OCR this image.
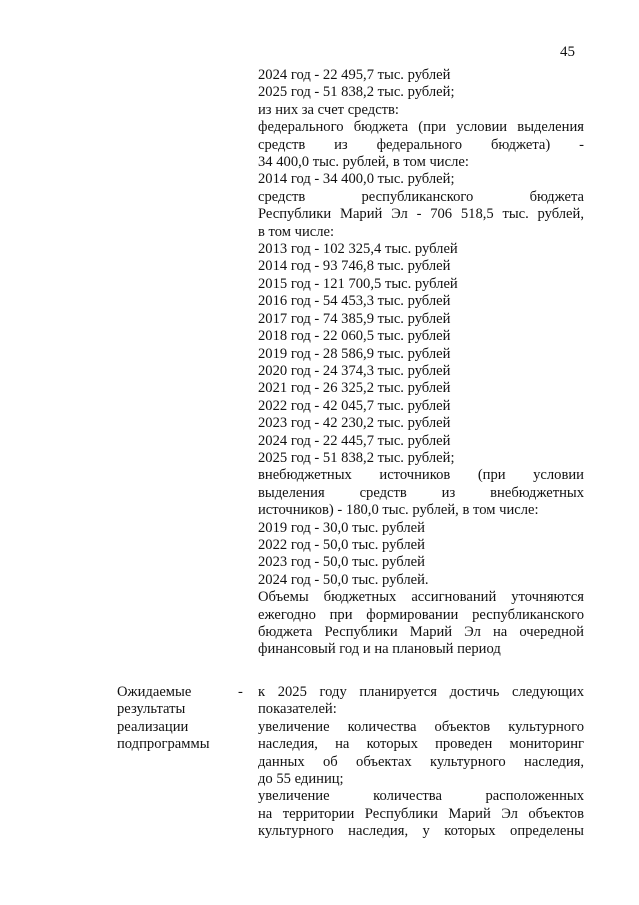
45
2024 год - 22 495,7 тыс. рублей
2025 год - 51 838,2 тыс. рублей;
из них за счет средств:
федерального бюджета (при условии выделения
средств из федерального бюджета) -
34 400,0 тыс. рублей, в том числе:
2014 год - 34 400,0 тыс. рублей;
средств республиканского бюджета
Республики Марий Эл - 706 518,5 тыс. рублей,
в том числе:
2013 год - 102 325,4 тыс. рублей
2014 год - 93 746,8 тыс. рублей
2015 год - 121 700,5 тыс. рублей
2016 год - 54 453,3 тыс. рублей
2017 год - 74 385,9 тыс. рублей
2018 год - 22 060,5 тыс. рублей
2019 год - 28 586,9 тыс. рублей
2020 год - 24 374,3 тыс. рублей
2021 год - 26 325,2 тыс. рублей
2022 год - 42 045,7 тыс. рублей
2023 год - 42 230,2 тыс. рублей
2024 год - 22 445,7 тыс. рублей
2025 год - 51 838,2 тыс. рублей;
внебюджетных источников (при условии
выделения средств из внебюджетных
источников) - 180,0 тыс. рублей, в том числе:
2019 год - 30,0 тыс. рублей
2022 год - 50,0 тыс. рублей
2023 год - 50,0 тыс. рублей
2024 год - 50,0 тыс. рублей.
Объемы бюджетных ассигнований уточняются
ежегодно при формировании республиканского
бюджета Республики Марий Эл на очередной
финансовый год и на плановый период
Ожидаемые
результаты
реализации
подпрограммы
- к 2025 году планируется достичь следующих
показателей:
увеличение количества объектов культурного
наследия, на которых проведен мониторинг
данных об объектах культурного наследия,
до 55 единиц;
увеличение количества расположенных
на территории Республики Марий Эл объектов
культурного наследия, у которых определены
